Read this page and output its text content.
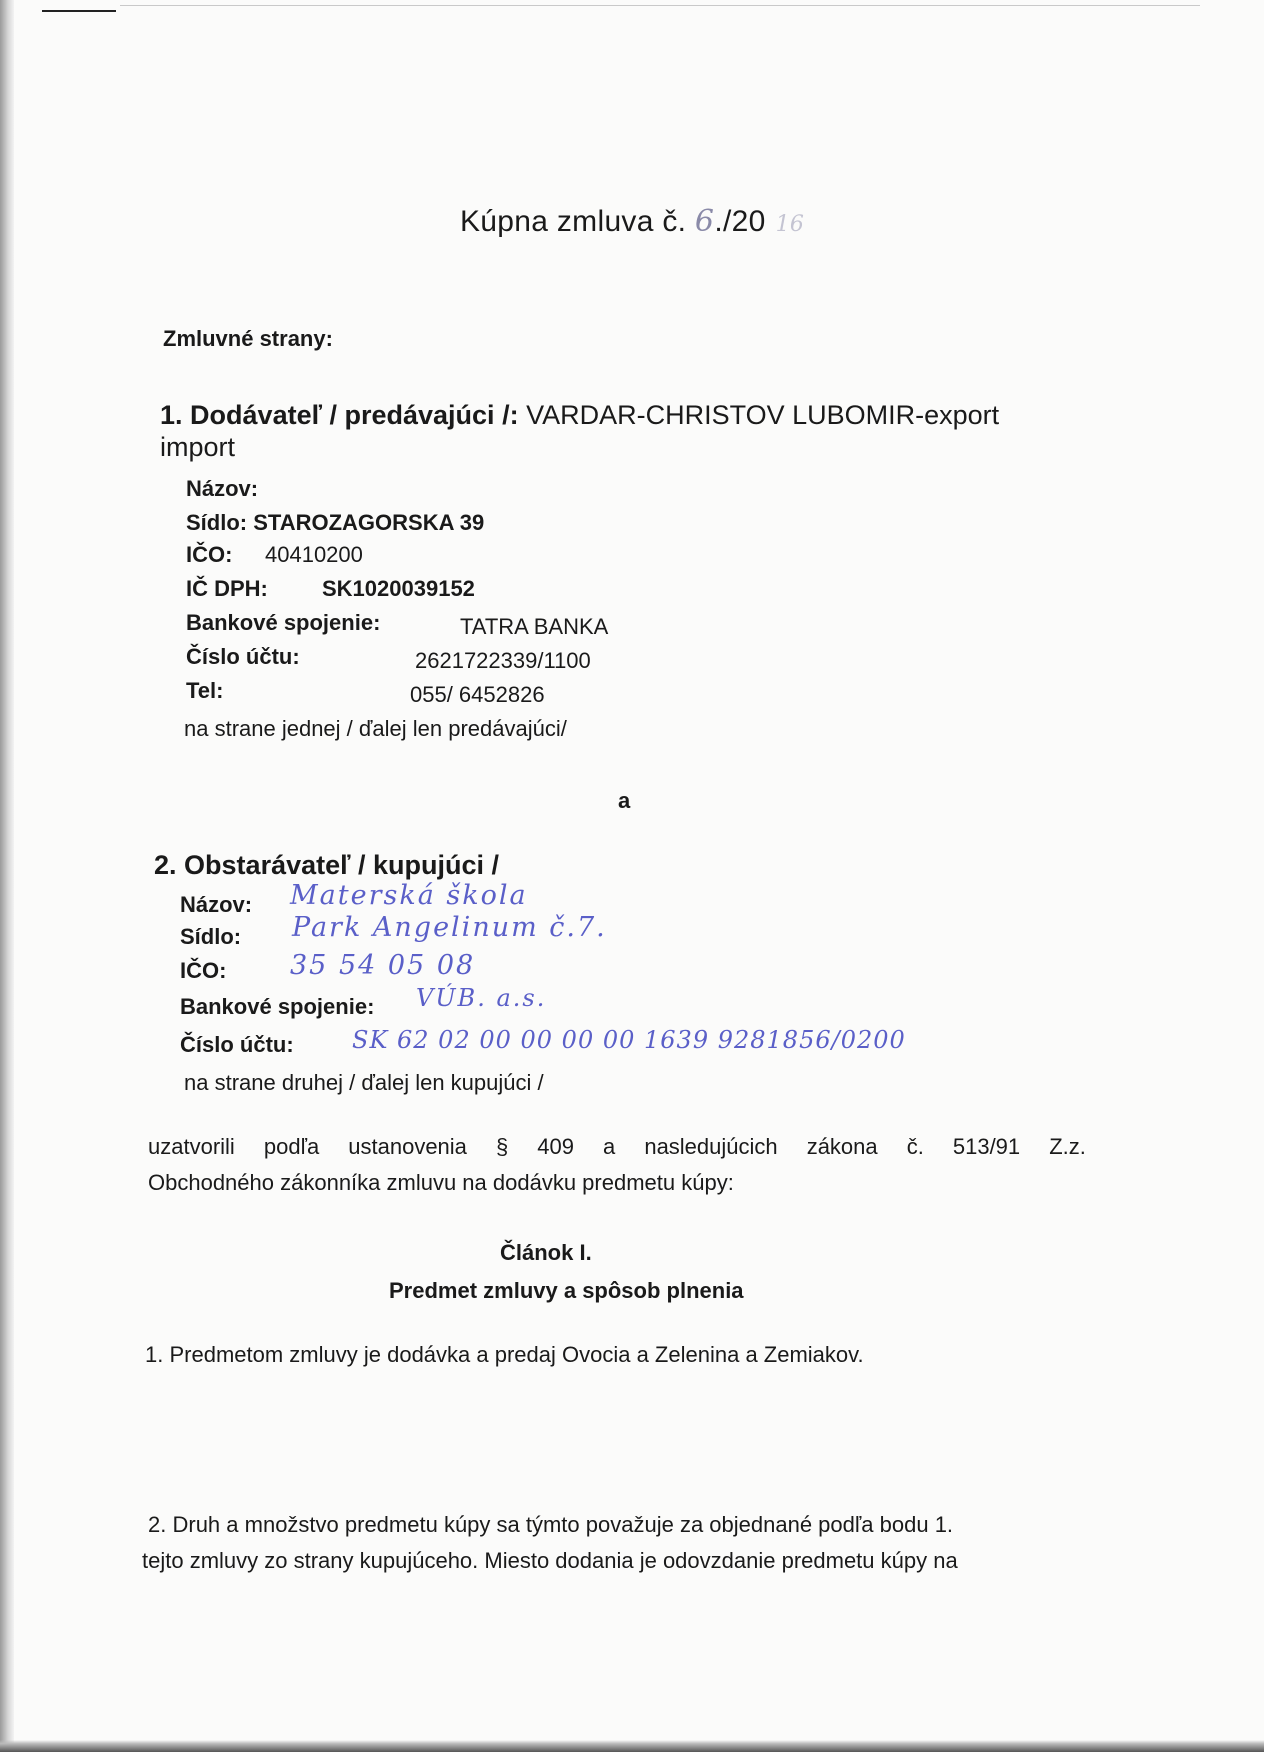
Kúpna zmluva č. 6./20 16
Zmluvné strany:
1. Dodávateľ / predávajúci /: VARDAR-CHRISTOV LUBOMIR-export
import
Názov:
Sídlo: STAROZAGORSKA 39
IČO: 40410200
IČ DPH: SK1020039152
Bankové spojenie:	TATRA BANKA
Číslo účtu:	2621722339/1100
Tel:	055/ 6452826
na strane jednej / ďalej len predávajúci/
a
2. Obstarávateľ / kupujúci /
Názov: Materská škola
Sídlo: Park Angelinum č.7.
IČO: 35 54 05 08
Bankové spojenie: VÚB. a.s.
Číslo účtu: SK 62 02 00 00 00 00 1639 9281856/0200
na strane druhej / ďalej len kupujúci /
uzatvorili podľa ustanovenia § 409 a nasledujúcich zákona č. 513/91 Z.z.
Obchodného zákonníka zmluvu na dodávku predmetu kúpy:
Článok I.
Predmet zmluvy a spôsob plnenia
1. Predmetom zmluvy je dodávka a predaj Ovocia a Zelenina a Zemiakov.
2. Druh a množstvo predmetu kúpy sa týmto považuje za objednané podľa bodu 1.
tejto zmluvy zo strany kupujúceho. Miesto dodania je odovzdanie predmetu kúpy na
